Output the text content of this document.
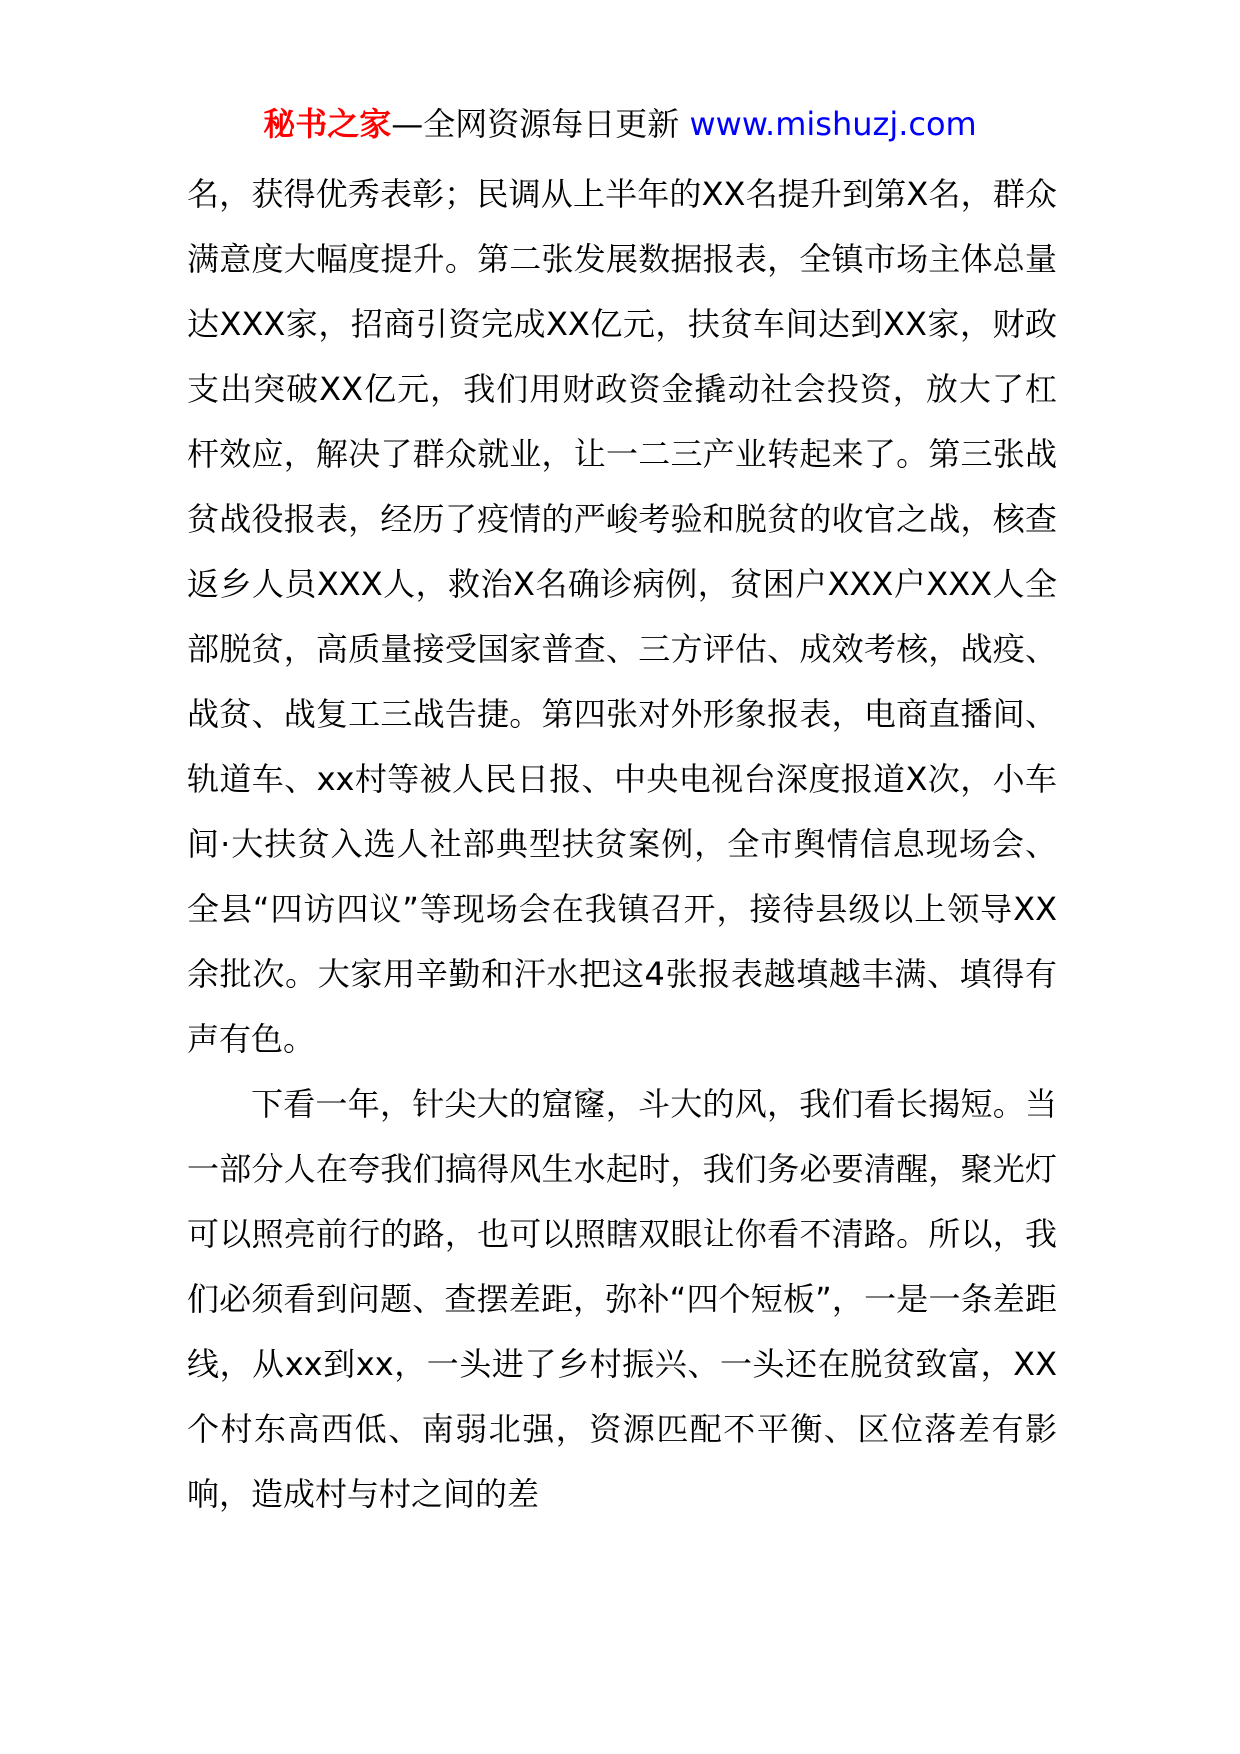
秘书之家—全网资源每日更新 www.mishuzj.com

名，获得优秀表彰；民调从上半年的XX名提升到第X名，群众满意度大幅度提升。第二张发展数据报表，全镇市场主体总量达XXX家，招商引资完成XX亿元，扶贫车间达到XX家，财政支出突破XX亿元，我们用财政资金撬动社会投资，放大了杠杆效应，解决了群众就业，让一二三产业转起来了。第三张战贫战役报表，经历了疫情的严峻考验和脱贫的收官之战，核查返乡人员XXX人，救治X名确诊病例，贫困户XXX户XXX人全部脱贫，高质量接受国家普查、三方评估、成效考核，战疫、战贫、战复工三战告捷。第四张对外形象报表，电商直播间、轨道车、xx村等被人民日报、中央电视台深度报道X次，小车间·大扶贫入选人社部典型扶贫案例，全市舆情信息现场会、全县“四访四议”等现场会在我镇召开，接待县级以上领导XX余批次。大家用辛勤和汗水把这4张报表越填越丰满、填得有声有色。

下看一年，针尖大的窟窿，斗大的风，我们看长揭短。当一部分人在夸我们搞得风生水起时，我们务必要清醒，聚光灯可以照亮前行的路，也可以照瞎双眼让你看不清路。所以，我们必须看到问题、查摆差距，弥补“四个短板”，一是一条差距线，从xx到xx，一头进了乡村振兴、一头还在脱贫致富，XX个村东高西低、南弱北强，资源匹配不平衡、区位落差有影响，造成村与村之间的差
